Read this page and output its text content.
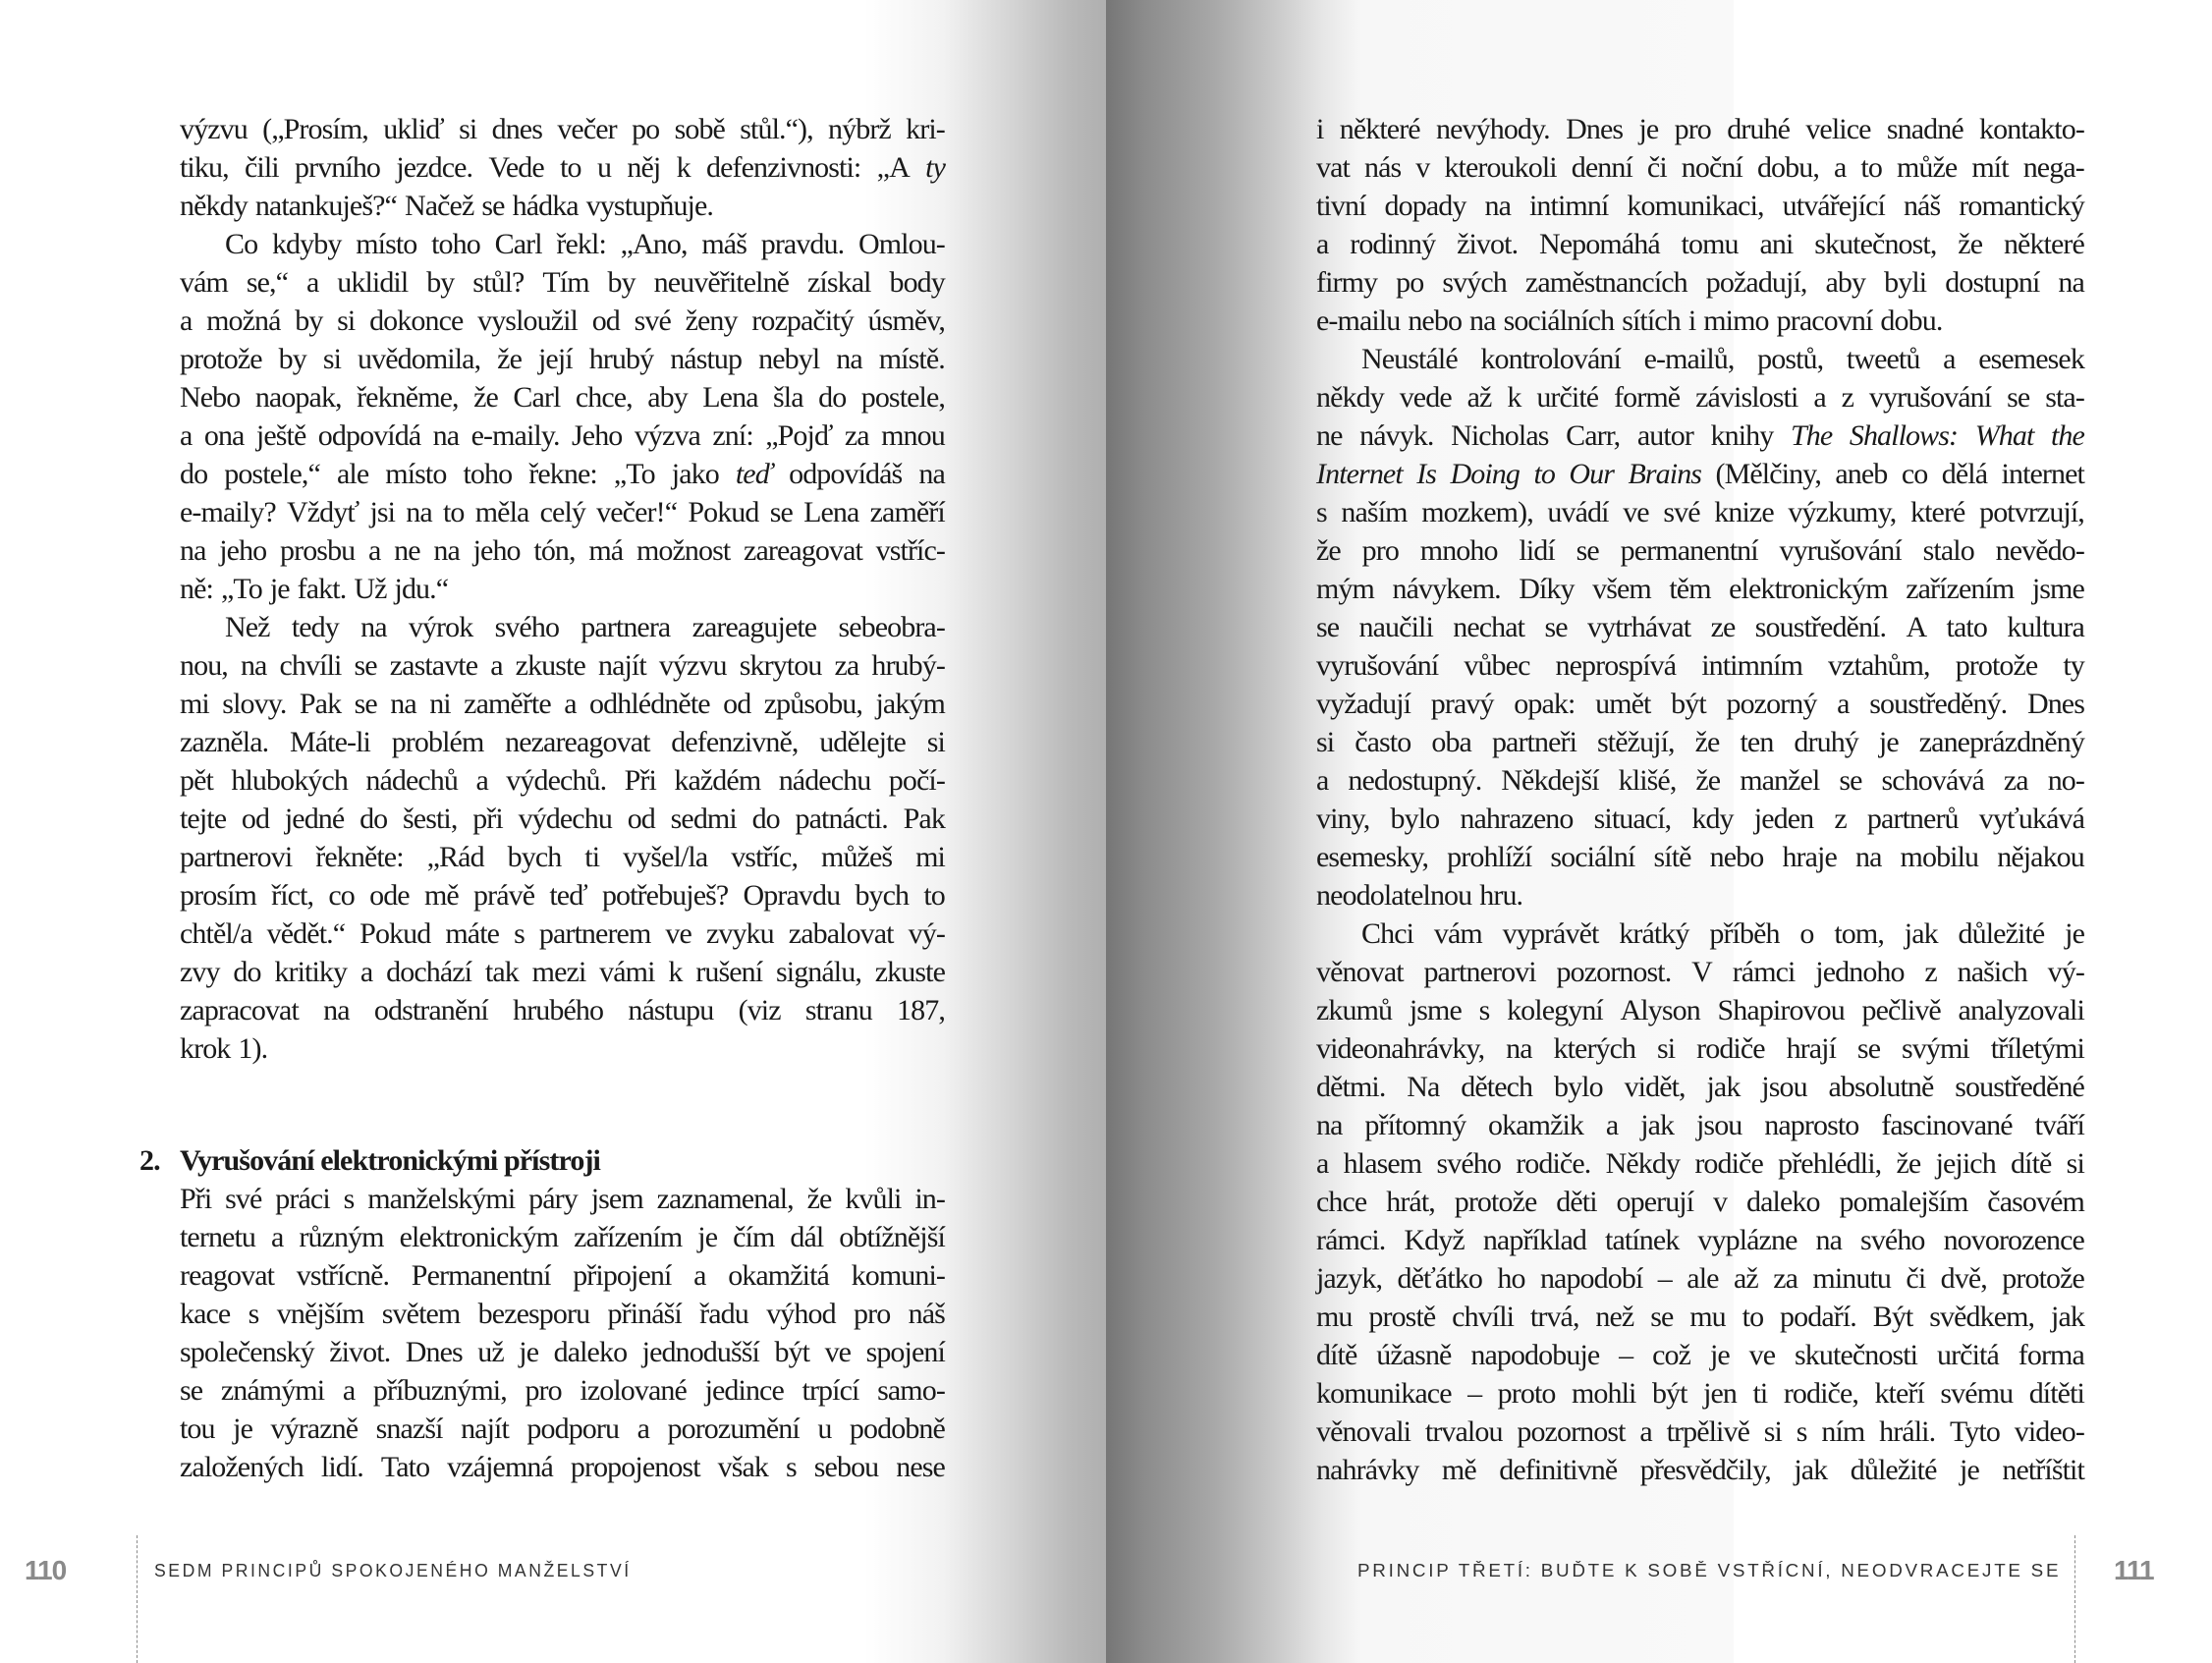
výzvu („Prosím, ukliď si dnes večer po sobě stůl.“), nýbrž kri-
tiku, čili prvního jezdce. Vede to u něj k defenzivnosti: „A ty
někdy natankuješ?“ Načež se hádka vystupňuje.
Co kdyby místo toho Carl řekl: „Ano, máš pravdu. Omlou-
vám se,“ a uklidil by stůl? Tím by neuvěřitelně získal body
a možná by si dokonce vysloužil od své ženy rozpačitý úsměv,
protože by si uvědomila, že její hrubý nástup nebyl na místě.
Nebo naopak, řekněme, že Carl chce, aby Lena šla do postele,
a ona ještě odpovídá na e-maily. Jeho výzva zní: „Pojď za mnou
do postele,“ ale místo toho řekne: „To jako teď odpovídáš na
e-maily? Vždyť jsi na to měla celý večer!“ Pokud se Lena zaměří
na jeho prosbu a ne na jeho tón, má možnost zareagovat vstříc-
ně: „To je fakt. Už jdu.“
Než tedy na výrok svého partnera zareagujete sebeobra-
nou, na chvíli se zastavte a zkuste najít výzvu skrytou za hrubý-
mi slovy. Pak se na ni zaměřte a odhlédněte od způsobu, jakým
zazněla. Máte-li problém nezareagovat defenzivně, udělejte si
pět hlubokých nádechů a výdechů. Při každém nádechu počí-
tejte od jedné do šesti, při výdechu od sedmi do patnácti. Pak
partnerovi řekněte: „Rád bych ti vyšel/la vstříc, můžeš mi
prosím říct, co ode mě právě teď potřebuješ? Opravdu bych to
chtěl/a vědět.“ Pokud máte s partnerem ve zvyku zabalovat vý-
zvy do kritiky a dochází tak mezi vámi k rušení signálu, zkuste
zapracovat na odstranění hrubého nástupu (viz stranu 187,
krok 1).
2. Vyrušování elektronickými přístroji
Při své práci s manželskými páry jsem zaznamenal, že kvůli in-
ternetu a různým elektronickým zařízením je čím dál obtížnější
reagovat vstřícně. Permanentní připojení a okamžitá komuni-
kace s vnějším světem bezesporu přináší řadu výhod pro náš
společenský život. Dnes už je daleko jednodušší být ve spojení
se známými a příbuznými, pro izolované jedince trpící samo-
tou je výrazně snazší najít podporu a porozumění u podobně
založených lidí. Tato vzájemná propojenost však s sebou nese
i některé nevýhody. Dnes je pro druhé velice snadné kontakto-
vat nás v kteroukoli denní či noční dobu, a to může mít nega-
tivní dopady na intimní komunikaci, utvářející náš romantický
a rodinný život. Nepomáhá tomu ani skutečnost, že některé
firmy po svých zaměstnancích požadují, aby byli dostupní na
e-mailu nebo na sociálních sítích i mimo pracovní dobu.
Neustálé kontrolování e-mailů, postů, tweetů a esemesek
někdy vede až k určité formě závislosti a z vyrušování se sta-
ne návyk. Nicholas Carr, autor knihy The Shallows: What the
Internet Is Doing to Our Brains (Mělčiny, aneb co dělá internet
s naším mozkem), uvádí ve své knize výzkumy, které potvrzují,
že pro mnoho lidí se permanentní vyrušování stalo nevědo-
mým návykem. Díky všem těm elektronickým zařízením jsme
se naučili nechat se vytrhávat ze soustředění. A tato kultura
vyrušování vůbec neprospívá intimním vztahům, protože ty
vyžadují pravý opak: umět být pozorný a soustředěný. Dnes
si často oba partneři stěžují, že ten druhý je zaneprázdněný
a nedostupný. Někdejší klišé, že manžel se schovává za no-
viny, bylo nahrazeno situací, kdy jeden z partnerů vyťukává
esemesky, prohlíží sociální sítě nebo hraje na mobilu nějakou
neodolatelnou hru.
Chci vám vyprávět krátký příběh o tom, jak důležité je
věnovat partnerovi pozornost. V rámci jednoho z našich vý-
zkumů jsme s kolegyní Alyson Shapirovou pečlivě analyzovali
videonahrávky, na kterých si rodiče hrají se svými tříletými
dětmi. Na dětech bylo vidět, jak jsou absolutně soustředěné
na přítomný okamžik a jak jsou naprosto fascinované tváří
a hlasem svého rodiče. Někdy rodiče přehlédli, že jejich dítě si
chce hrát, protože děti operují v daleko pomalejším časovém
rámci. Když například tatínek vyplázne na svého novorozence
jazyk, děťátko ho napodobí – ale až za minutu či dvě, protože
mu prostě chvíli trvá, než se mu to podaří. Být svědkem, jak
dítě úžasně napodobuje – což je ve skutečnosti určitá forma
komunikace – proto mohli být jen ti rodiče, kteří svému dítěti
věnovali trvalou pozornost a trpělivě si s ním hráli. Tyto video-
nahrávky mě definitivně přesvědčily, jak důležité je netříštit
110	SEDM PRINCIPŮ SPOKOJENÉHO MANŽELSTVÍ	PRINCIP TŘETÍ: BUĎTE K SOBĚ VSTŘÍCNÍ, NEODVRACEJTE SE 111
